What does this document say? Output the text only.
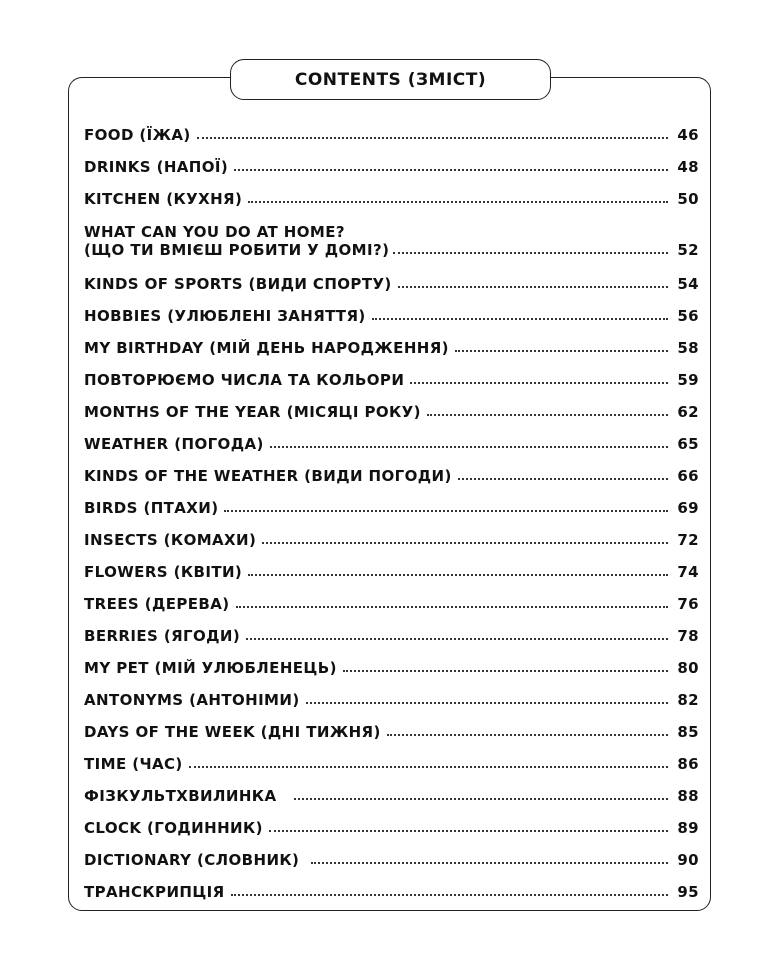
CONTENTS (ЗМІСТ)
FOOD (ЇЖА)	46
DRINKS (НАПОЇ)	48
KITCHEN (КУХНЯ)	50
WHAT CAN YOU DO AT HOME?
(ЩО ТИ ВМІЄШ РОБИТИ У ДОМІ?)	52
KINDS OF SPORTS (ВИДИ СПОРТУ)	54
HOBBIES (УЛЮБЛЕНІ ЗАНЯТТЯ)	56
MY BIRTHDAY (МІЙ ДЕНЬ НАРОДЖЕННЯ)	58
ПОВТОРЮЄМО ЧИСЛА ТА КОЛЬОРИ	59
MONTHS OF THE YEAR (МІСЯЦІ РОКУ)	62
WEATHER (ПОГОДА)	65
KINDS OF THE WEATHER (ВИДИ ПОГОДИ)	66
BIRDS (ПТАХИ)	69
INSECTS (КОМАХИ)	72
FLOWERS (КВІТИ)	74
TREES (ДЕРЕВА)	76
BERRIES (ЯГОДИ)	78
MY PET (МІЙ УЛЮБЛЕНЕЦЬ)	80
ANTONYMS (АНТОНІМИ)	82
DAYS OF THE WEEK (ДНІ ТИЖНЯ)	85
TIME (ЧАС)	86
ФІЗКУЛЬТХВИЛИНКА	88
CLOCK (ГОДИННИК)	89
DICTIONARY (СЛОВНИК)	90
ТРАНСКРИПЦІЯ	95
